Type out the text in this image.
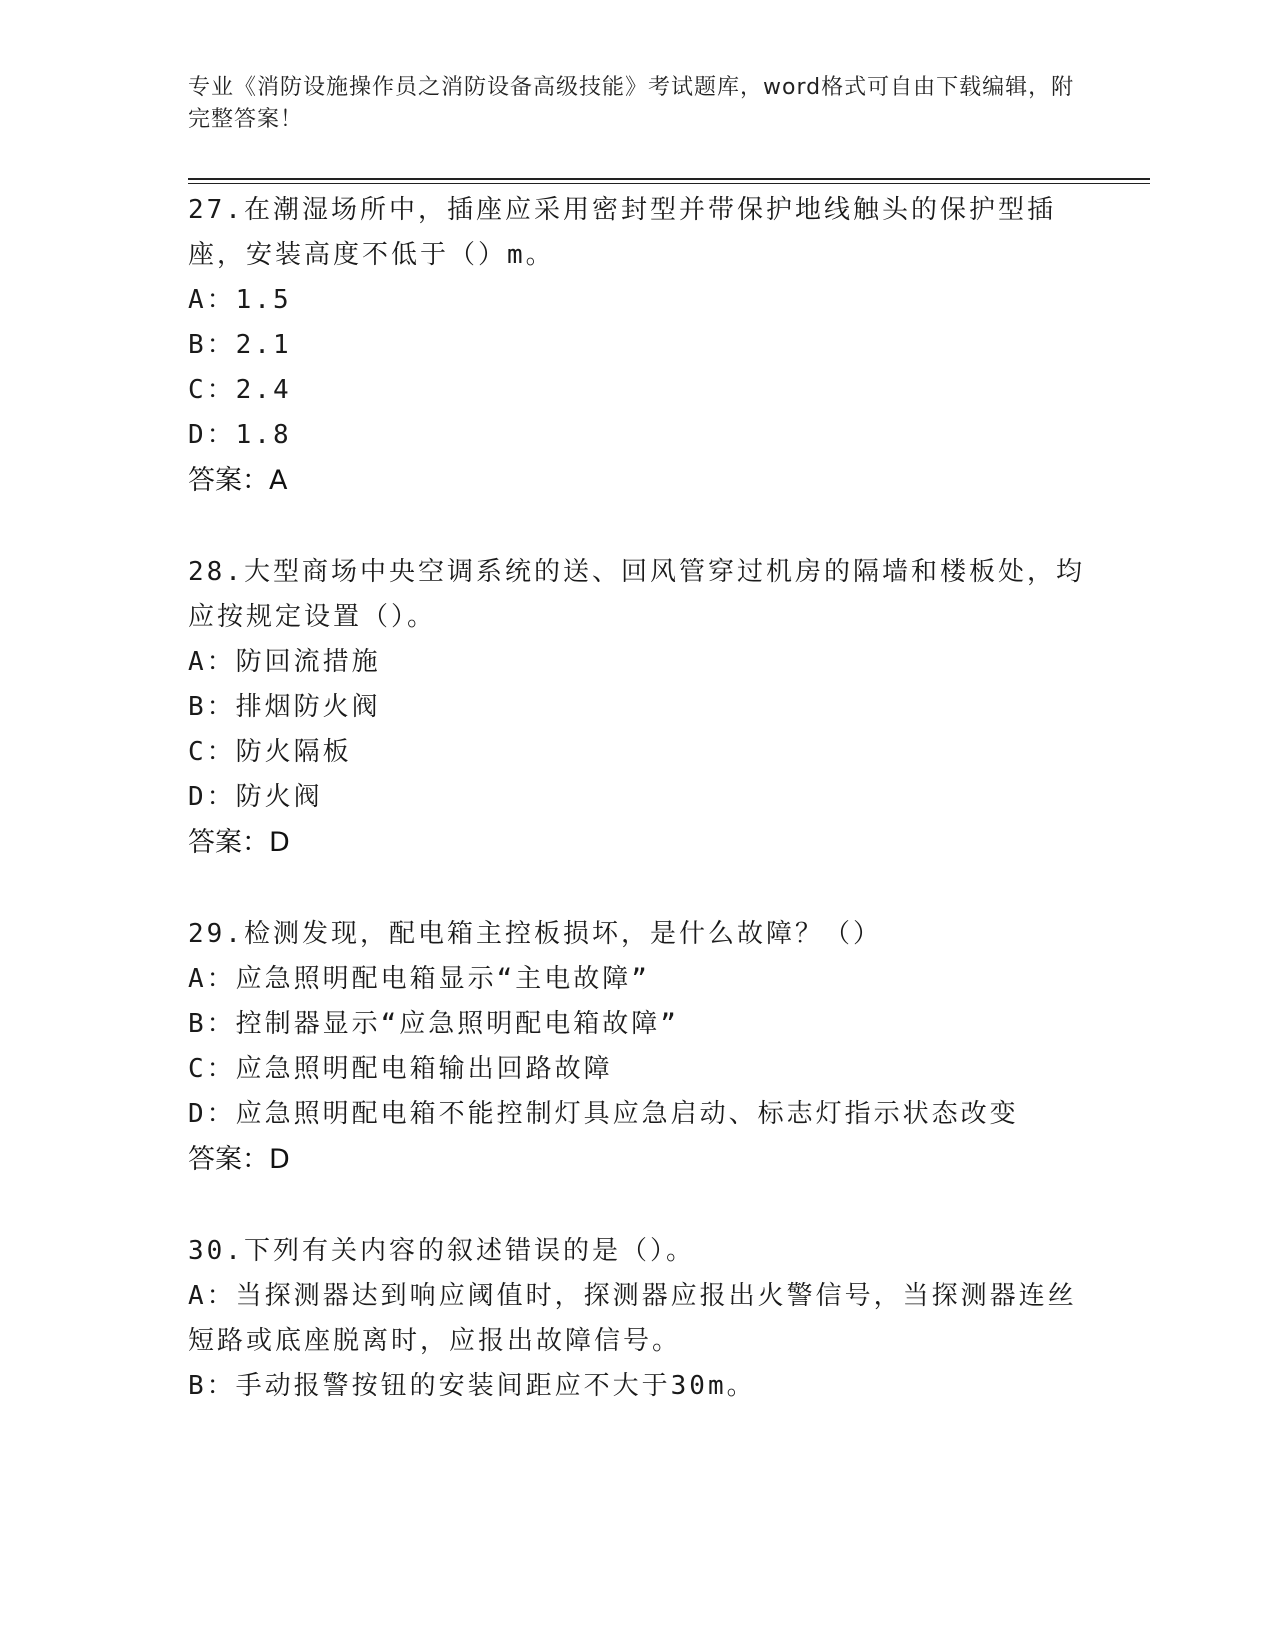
专业《消防设施操作员之消防设备高级技能》考试题库，word格式可自由下载编辑，附完整答案！

27.在潮湿场所中，插座应采用密封型并带保护地线触头的保护型插座，安装高度不低于（）m。

A：1.5

B：2.1

C：2.4

D：1.8

答案：A

28.大型商场中央空调系统的送、回风管穿过机房的隔墙和楼板处，均应按规定设置（）。

A：防回流措施

B：排烟防火阀

C：防火隔板

D：防火阀

答案：D

29.检测发现，配电箱主控板损坏，是什么故障？（）

A：应急照明配电箱显示“主电故障”

B：控制器显示“应急照明配电箱故障”

C：应急照明配电箱输出回路故障

D：应急照明配电箱不能控制灯具应急启动、标志灯指示状态改变

答案：D

30.下列有关内容的叙述错误的是（）。

A：当探测器达到响应阈值时，探测器应报出火警信号，当探测器连丝短路或底座脱离时，应报出故障信号。

B：手动报警按钮的安装间距应不大于30m。
